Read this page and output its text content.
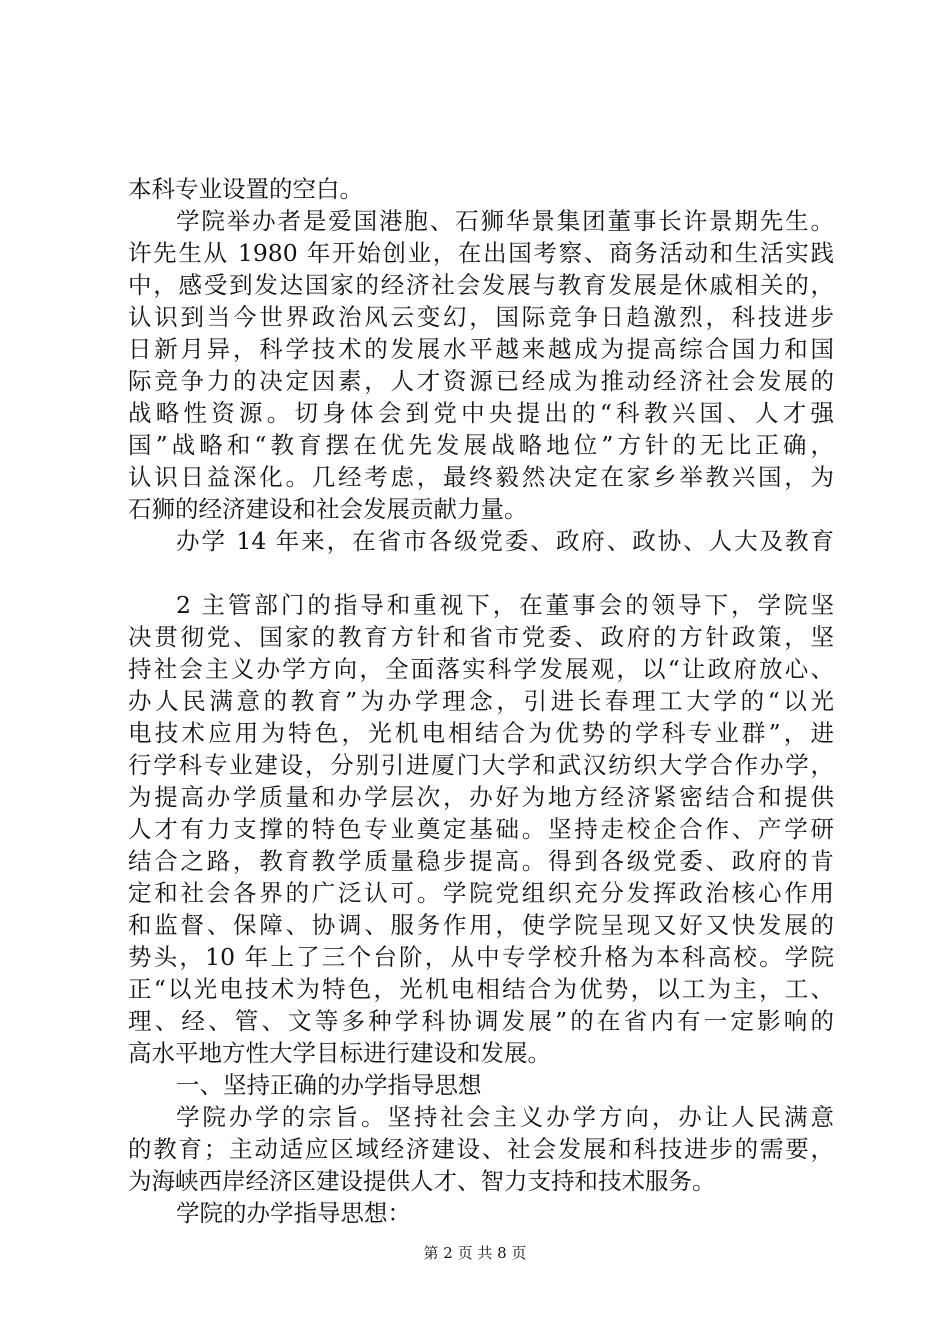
本科专业设置的空白。
学院举办者是爱国港胞、石狮华景集团董事长许景期先生。
许先生从 1980 年开始创业，在出国考察、商务活动和生活实践
中，感受到发达国家的经济社会发展与教育发展是休戚相关的，
认识到当今世界政治风云变幻，国际竞争日趋激烈，科技进步
日新月异，科学技术的发展水平越来越成为提高综合国力和国
际竞争力的决定因素，人才资源已经成为推动经济社会发展的
战略性资源。切身体会到党中央提出的“科教兴国、人才强
国”战略和“教育摆在优先发展战略地位”方针的无比正确，
认识日益深化。几经考虑，最终毅然决定在家乡举教兴国，为
石狮的经济建设和社会发展贡献力量。
办学 14 年来，在省市各级党委、政府、政协、人大及教育
2 主管部门的指导和重视下，在董事会的领导下，学院坚
决贯彻党、国家的教育方针和省市党委、政府的方针政策，坚
持社会主义办学方向，全面落实科学发展观，以“让政府放心、
办人民满意的教育”为办学理念，引进长春理工大学的“以光
电技术应用为特色，光机电相结合为优势的学科专业群”，进
行学科专业建设，分别引进厦门大学和武汉纺织大学合作办学，
为提高办学质量和办学层次，办好为地方经济紧密结合和提供
人才有力支撑的特色专业奠定基础。坚持走校企合作、产学研
结合之路，教育教学质量稳步提高。得到各级党委、政府的肯
定和社会各界的广泛认可。学院党组织充分发挥政治核心作用
和监督、保障、协调、服务作用，使学院呈现又好又快发展的
势头，10 年上了三个台阶，从中专学校升格为本科高校。学院
正“以光电技术为特色，光机电相结合为优势，以工为主，工、
理、经、管、文等多种学科协调发展”的在省内有一定影响的
高水平地方性大学目标进行建设和发展。
一、坚持正确的办学指导思想
学院办学的宗旨。坚持社会主义办学方向，办让人民满意
的教育；主动适应区域经济建设、社会发展和科技进步的需要，
为海峡西岸经济区建设提供人才、智力支持和技术服务。
学院的办学指导思想：
第 2 页 共 8 页
